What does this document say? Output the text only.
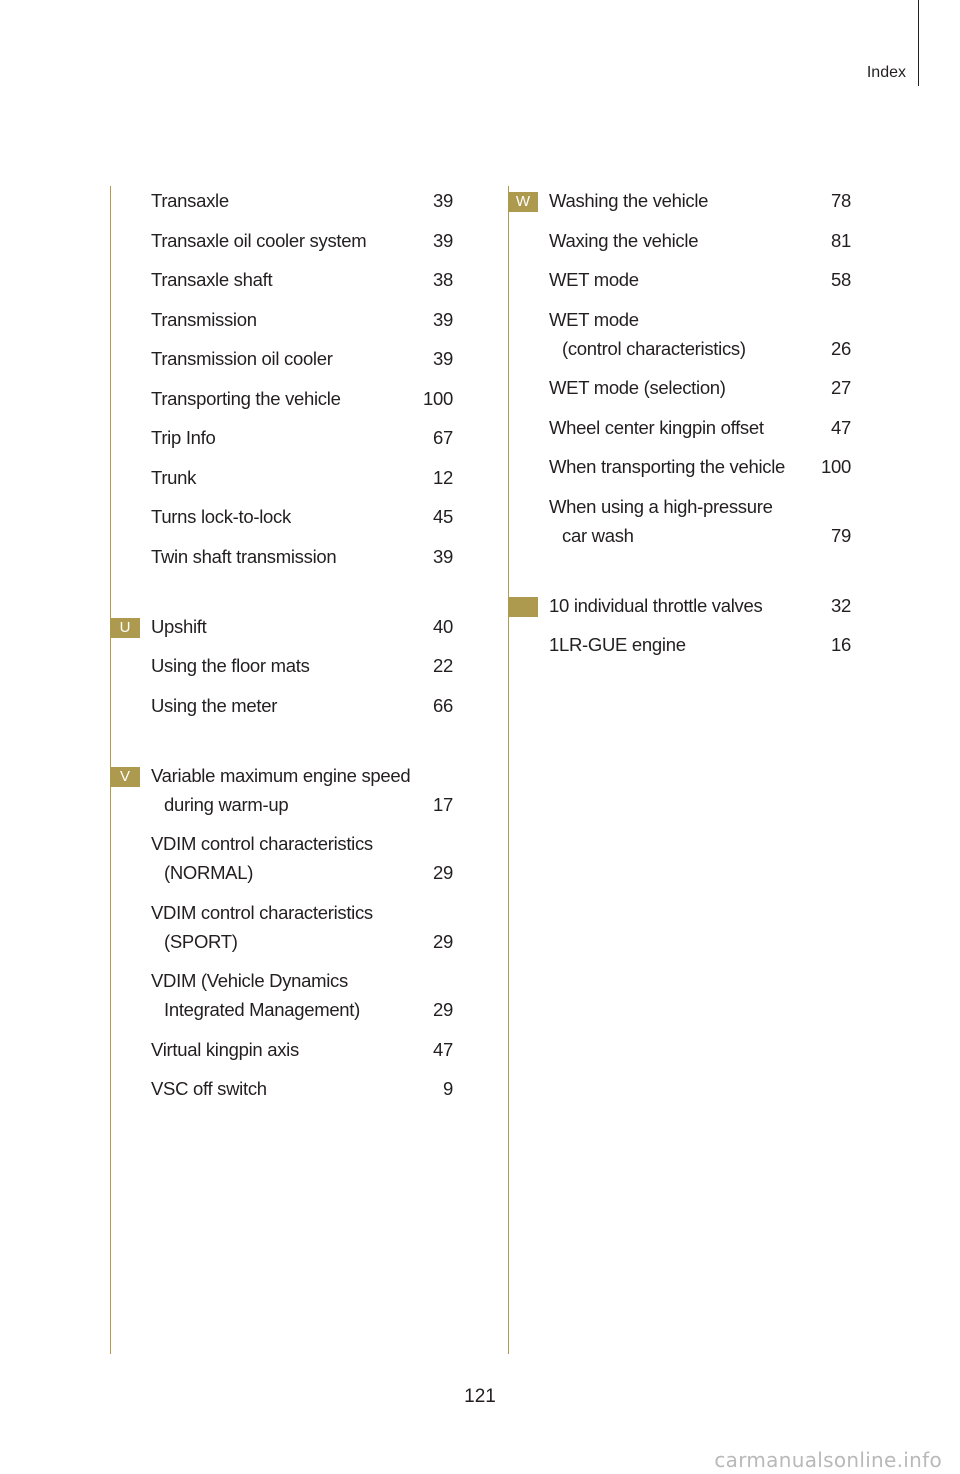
Index
Transaxle	39
Transaxle oil cooler system	39
Transaxle shaft	38
Transmission	39
Transmission oil cooler	39
Transporting the vehicle	100
Trip Info	67
Trunk	12
Turns lock-to-lock	45
Twin shaft transmission	39
U	Upshift	40
Using the floor mats	22
Using the meter	66
V	Variable maximum engine speed
during warm-up	17
VDIM control characteristics
(NORMAL)	29
VDIM control characteristics
(SPORT)	29
VDIM (Vehicle Dynamics
Integrated Management)	29
Virtual kingpin axis	47
VSC off switch	9
W	Washing the vehicle	78
Waxing the vehicle	81
WET mode	58
WET mode
(control characteristics)	26
WET mode (selection)	27
Wheel center kingpin offset	47
When transporting the vehicle 100
When using a high-pressure
car wash	79
10 individual throttle valves	32
1LR-GUE engine	16
121
carmanualsonline.info
